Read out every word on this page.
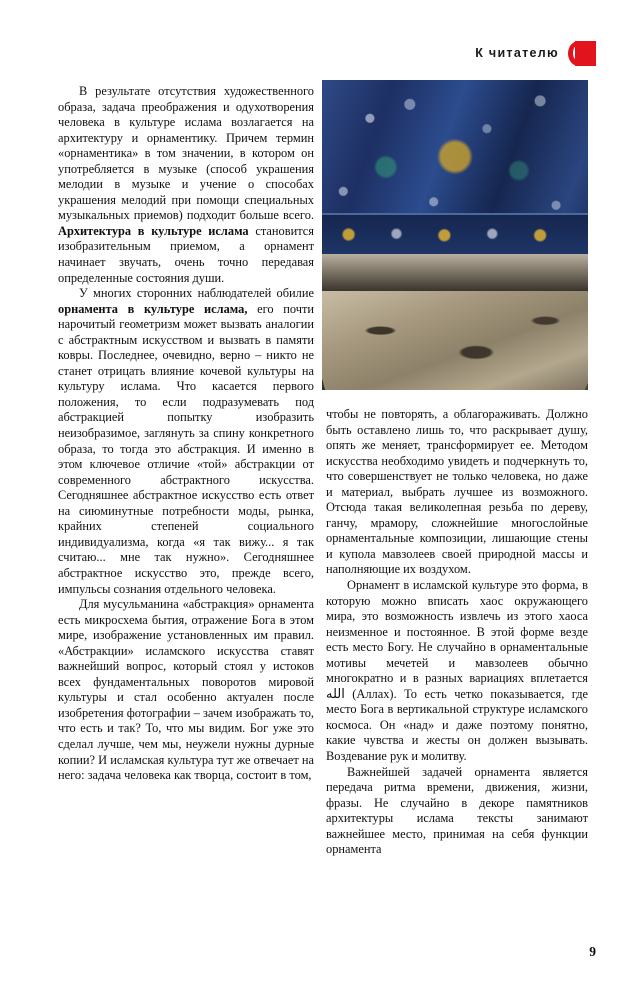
К читателю

В результате отсутствия художественного образа, задача преображения и одухотворения человека в культуре ислама возлагается на архитектуру и орнаментику. Причем термин «орнаментика» в том значении, в котором он употребляется в музыке (способ украшения мелодии в музыке и учение о способах украшения мелодий при помощи специальных музыкальных приемов) подходит больше всего. Архитектура в культуре ислама становится изобразительным приемом, а орнамент начинает звучать, очень точно передавая определенные состояния души.

У многих сторонних наблюдателей обилие орнамента в культуре ислама, его почти нарочитый геометризм может вызвать аналогии с абстрактным искусством и вызвать в памяти ковры. Последнее, очевидно, верно – никто не станет отрицать влияние кочевой культуры на культуру ислама. Что касается первого положения, то если подразумевать под абстракцией попытку изобразить неизобразимое, заглянуть за спину конкретного образа, то тогда это абстракция. И именно в этом ключевое отличие «той» абстракции от современного абстрактного искусства. Сегодняшнее абстрактное искусство есть ответ на сиюминутные потребности моды, рынка, крайних степеней социального индивидуализма, когда «я так вижу... я так считаю... мне так нужно». Сегодняшнее абстрактное искусство это, прежде всего, импульсы сознания отдельного человека.

Для мусульманина «абстракция» орнамента есть микросхема бытия, отражение Бога в этом мире, изображение установленных им правил. «Абстракции» исламского искусства ставят важнейший вопрос, который стоял у истоков всех фундаментальных поворотов мировой культуры и стал особенно актуален после изобретения фотографии – зачем изображать то, что есть и так? То, что мы видим. Бог уже это сделал лучше, чем мы, неужели нужны дурные копии? И исламская культура тут же отвечает на него: задача человека как творца, состоит в том,

чтобы не повторять, а облагораживать. Должно быть оставлено лишь то, что раскрывает душу, опять же меняет, трансформирует ее. Методом искусства необходимо увидеть и подчеркнуть то, что совершенствует не только человека, но даже и материал, выбрать лучшее из возможного. Отсюда такая великолепная резьба по дереву, ганчу, мрамору, сложнейшие многослойные орнаментальные композиции, лишающие стены и купола мавзолеев своей природной массы и наполняющие их воздухом.

Орнамент в исламской культуре это форма, в которую можно вписать хаос окружающего мира, это возможность извлечь из этого хаоса неизменное и постоянное. В этой форме везде есть место Богу. Не случайно в орнаментальные мотивы мечетей и мавзолеев обычно многократно и в разных вариациях вплетается الله (Аллах). То есть четко показывается, где место Бога в вертикальной структуре исламского космоса. Он «над» и даже поэтому понятно, какие чувства и жесты он должен вызывать. Воздевание рук и молитву.

Важнейшей задачей орнамента является передача ритма времени, движения, жизни, фразы. Не случайно в декоре памятников архитектуры ислама тексты занимают важнейшее место, принимая на себя функции орнамента

9
